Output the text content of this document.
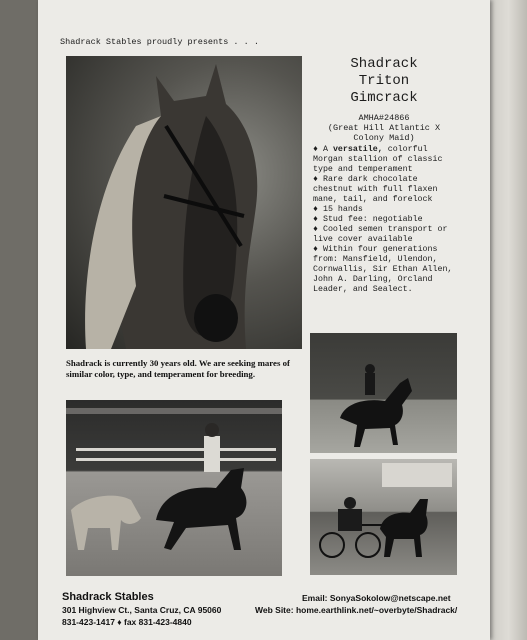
Shadrack Stables proudly presents . . .
Shadrack
Triton
Gimcrack
AMHA#24866
(Great Hill Atlantic X Colony Maid)

♦ A versatile, colorful Morgan stallion of classic type and temperament

♦ Rare dark chocolate chestnut with full flaxen mane, tail, and forelock

♦ 15 hands

♦ Stud fee: negotiable

♦ Cooled semen transport or live cover available

♦ Within four generations from: Mansfield, Ulendon, Cornwallis, Sir Ethan Allen, John A. Darling, Orcland Leader, and Sealect.

Shadrack is currently 30 years old. We are seeking mares of similar color, type, and temperament for breeding.
Shadrack Stables
301 Highview Ct., Santa Cruz, CA 95060
831-423-1417 ♦ fax 831-423-4840
Email: SonyaSokolow@netscape.net
Web Site: home.earthlink.net/~overbyte/Shadrack/
